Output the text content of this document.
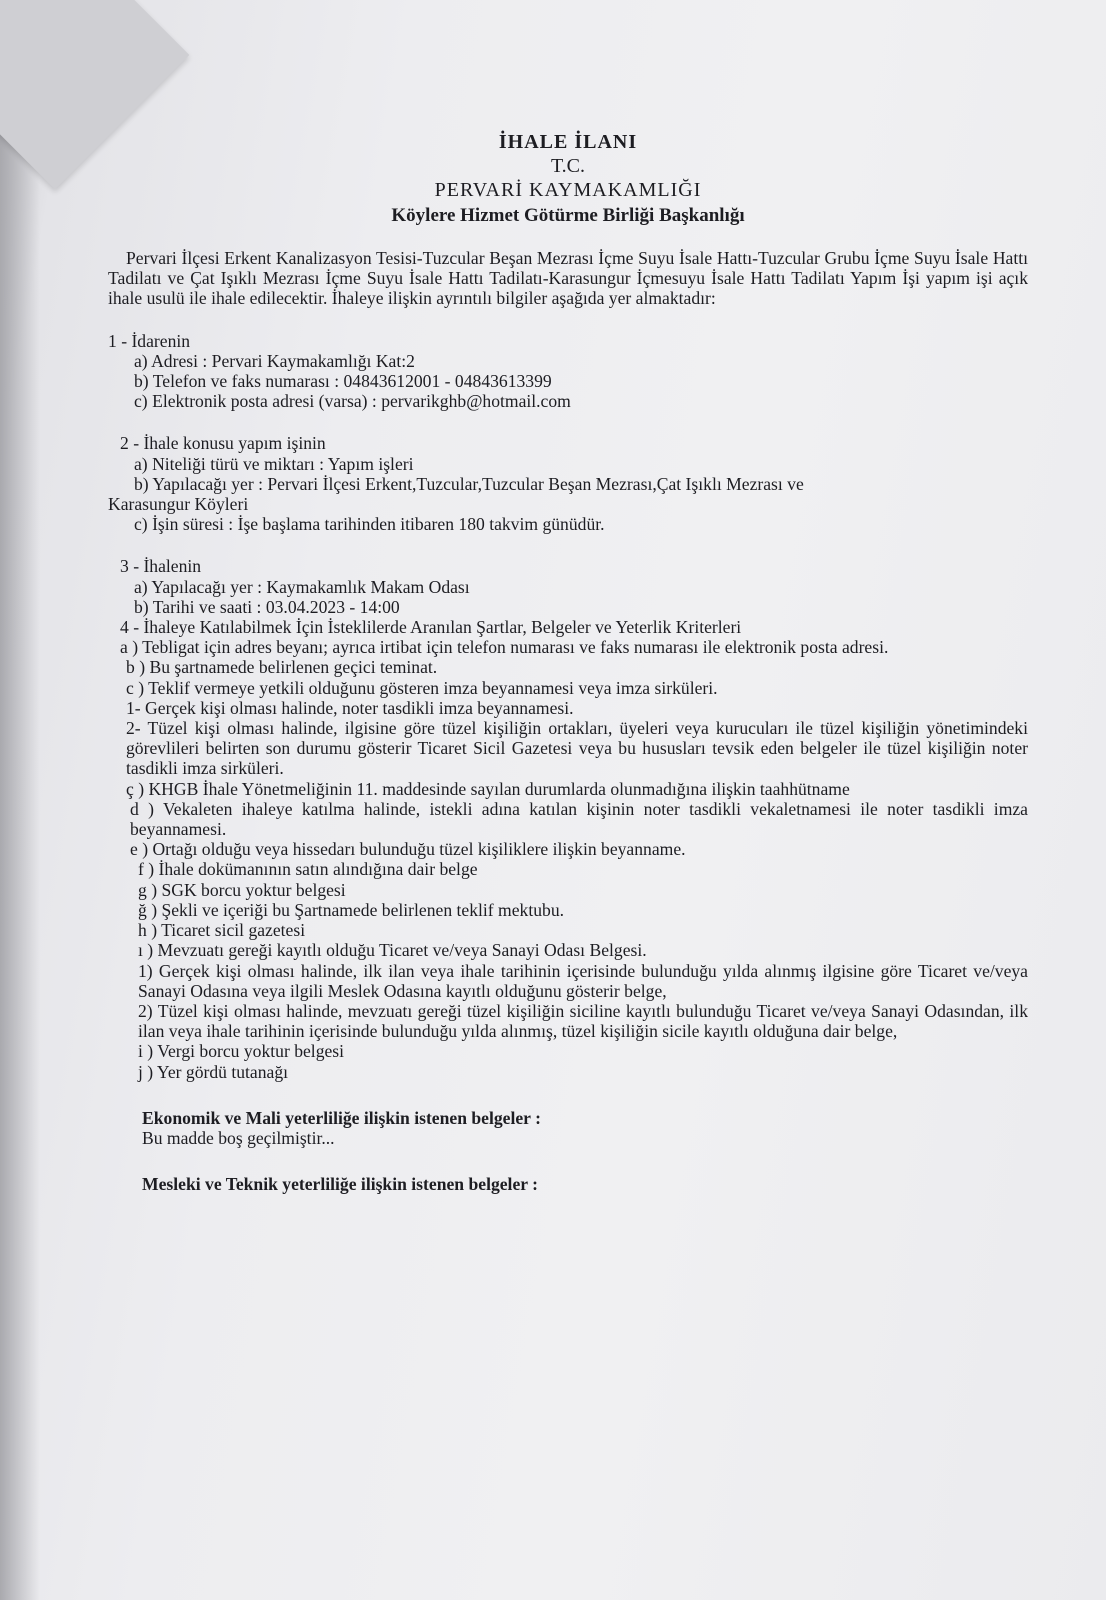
İHALE İLANI
T.C.
PERVARİ KAYMAKAMLIĞI
Köylere Hizmet Götürme Birliği Başkanlığı

Pervari İlçesi Erkent Kanalizasyon Tesisi-Tuzcular Beşan Mezrası İçme Suyu İsale Hattı-Tuzcular Grubu İçme Suyu İsale Hattı Tadilatı ve Çat Işıklı Mezrası İçme Suyu İsale Hattı Tadilatı-Karasungur İçmesuyu İsale Hattı Tadilatı Yapım İşi yapım işi açık ihale usulü ile ihale edilecektir. İhaleye ilişkin ayrıntılı bilgiler aşağıda yer almaktadır:

1 - İdarenin

a) Adresi : Pervari Kaymakamlığı Kat:2

b) Telefon ve faks numarası : 04843612001 - 04843613399

c) Elektronik posta adresi (varsa) : pervarikghb@hotmail.com

2 - İhale konusu yapım işinin

a) Niteliği türü ve miktarı : Yapım işleri

b) Yapılacağı yer : Pervari İlçesi Erkent,Tuzcular,Tuzcular Beşan Mezrası,Çat Işıklı Mezrası ve

Karasungur Köyleri

c) İşin süresi : İşe başlama tarihinden itibaren 180 takvim günüdür.

3 - İhalenin

a) Yapılacağı yer : Kaymakamlık Makam Odası

b) Tarihi ve saati : 03.04.2023 - 14:00

4 - İhaleye Katılabilmek İçin İsteklilerde Aranılan Şartlar, Belgeler ve Yeterlik Kriterleri

a ) Tebligat için adres beyanı; ayrıca irtibat için telefon numarası ve faks numarası ile elektronik posta adresi.

b ) Bu şartnamede belirlenen geçici teminat.

c ) Teklif vermeye yetkili olduğunu gösteren imza beyannamesi veya imza sirküleri.

1- Gerçek kişi olması halinde, noter tasdikli imza beyannamesi.

2- Tüzel kişi olması halinde, ilgisine göre tüzel kişiliğin ortakları, üyeleri veya kurucuları ile tüzel kişiliğin yönetimindeki görevlileri belirten son durumu gösterir Ticaret Sicil Gazetesi veya bu hususları tevsik eden belgeler ile tüzel kişiliğin noter tasdikli imza sirküleri.

ç ) KHGB İhale Yönetmeliğinin 11. maddesinde sayılan durumlarda olunmadığına ilişkin taahhütname

d ) Vekaleten ihaleye katılma halinde, istekli adına katılan kişinin noter tasdikli vekaletnamesi ile noter tasdikli imza beyannamesi.

e ) Ortağı olduğu veya hissedarı bulunduğu tüzel kişiliklere ilişkin beyanname.

f ) İhale dokümanının satın alındığına dair belge

g ) SGK borcu yoktur belgesi

ğ ) Şekli ve içeriği bu Şartnamede belirlenen teklif mektubu.

h ) Ticaret sicil gazetesi

ı ) Mevzuatı gereği kayıtlı olduğu Ticaret ve/veya Sanayi Odası Belgesi.

1) Gerçek kişi olması halinde, ilk ilan veya ihale tarihinin içerisinde bulunduğu yılda alınmış ilgisine göre Ticaret ve/veya Sanayi Odasına veya ilgili Meslek Odasına kayıtlı olduğunu gösterir belge,

2) Tüzel kişi olması halinde, mevzuatı gereği tüzel kişiliğin siciline kayıtlı bulunduğu Ticaret ve/veya Sanayi Odasından, ilk ilan veya ihale tarihinin içerisinde bulunduğu yılda alınmış, tüzel kişiliğin sicile kayıtlı olduğuna dair belge,

i ) Vergi borcu yoktur belgesi

j ) Yer gördü tutanağı

Ekonomik ve Mali yeterliliğe ilişkin istenen belgeler :

Bu madde boş geçilmiştir...

Mesleki ve Teknik yeterliliğe ilişkin istenen belgeler :
